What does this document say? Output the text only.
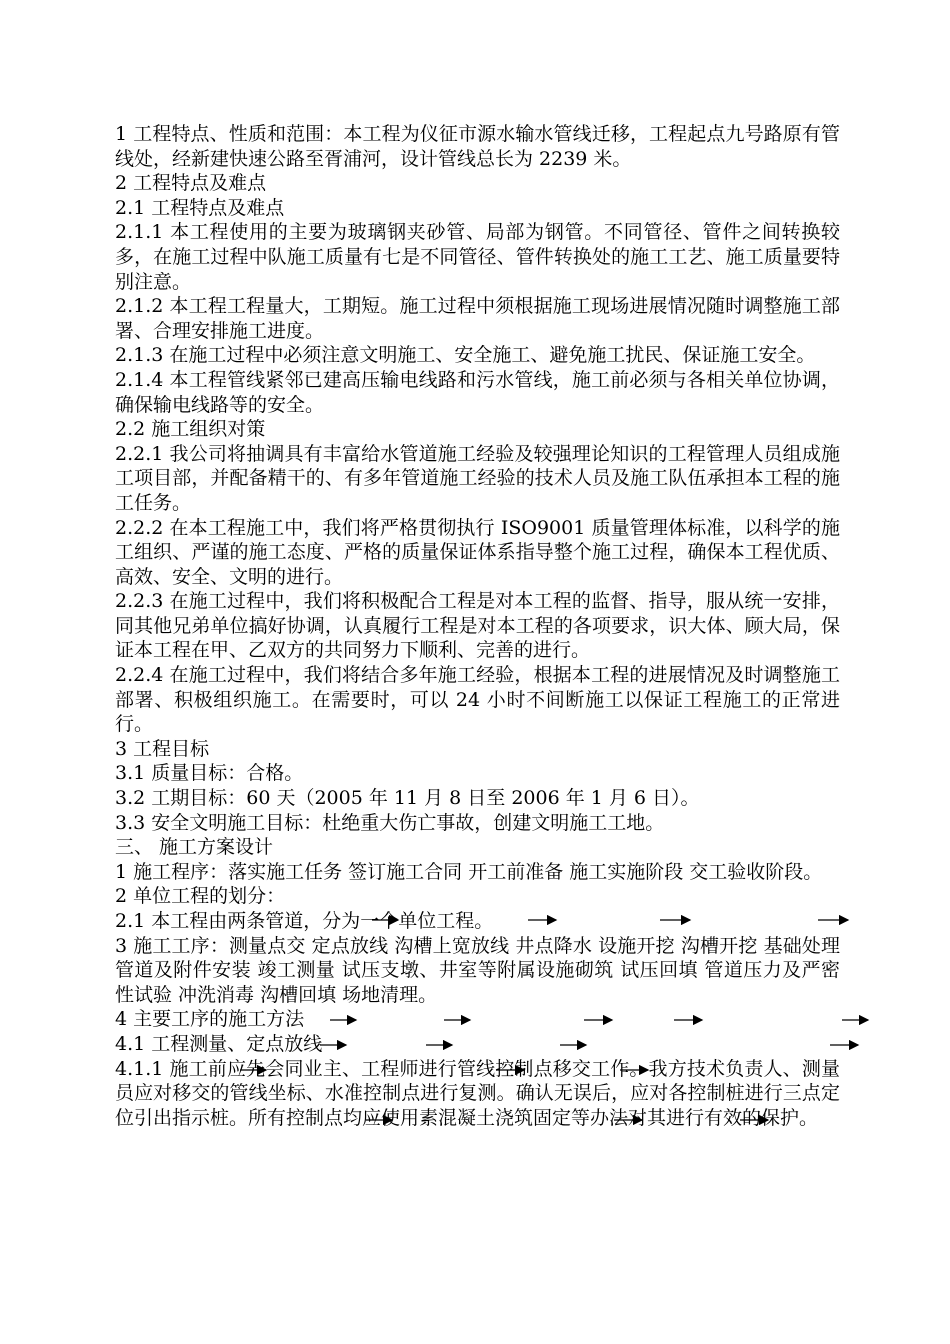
1 工程特点、性质和范围：本工程为仪征市源水输水管线迁移，工程起点九号路原有管线处，经新建快速公路至胥浦河，设计管线总长为 2239 米。

2 工程特点及难点

2.1 工程特点及难点

2.1.1 本工程使用的主要为玻璃钢夹砂管、局部为钢管。不同管径、管件之间转换较多，在施工过程中队施工质量有七是不同管径、管件转换处的施工工艺、施工质量要特别注意。

2.1.2 本工程工程量大，工期短。施工过程中须根据施工现场进展情况随时调整施工部署、合理安排施工进度。

2.1.3 在施工过程中必须注意文明施工、安全施工、避免施工扰民、保证施工安全。

2.1.4 本工程管线紧邻已建高压输电线路和污水管线，施工前必须与各相关单位协调，确保输电线路等的安全。

2.2 施工组织对策

2.2.1 我公司将抽调具有丰富给水管道施工经验及较强理论知识的工程管理人员组成施工项目部，并配备精干的、有多年管道施工经验的技术人员及施工队伍承担本工程的施工任务。

2.2.2 在本工程施工中，我们将严格贯彻执行 ISO9001 质量管理体标准，以科学的施工组织、严谨的施工态度、严格的质量保证体系指导整个施工过程，确保本工程优质、高效、安全、文明的进行。

2.2.3 在施工过程中，我们将积极配合工程是对本工程的监督、指导，服从统一安排，同其他兄弟单位搞好协调，认真履行工程是对本工程的各项要求，识大体、顾大局，保证本工程在甲、乙双方的共同努力下顺利、完善的进行。

2.2.4 在施工过程中，我们将结合多年施工经验，根据本工程的进展情况及时调整施工部署、积极组织施工。在需要时，可以 24 小时不间断施工以保证工程施工的正常进行。

3 工程目标

3.1 质量目标：合格。

3.2 工期目标：60 天（2005 年 11 月 8 日至 2006 年 1 月 6 日）。

3.3 安全文明施工目标：杜绝重大伤亡事故，创建文明施工工地。

三、 施工方案设计

1 施工程序：落实施工任务 签订施工合同 开工前准备 施工实施阶段 交工验收阶段。

2 单位工程的划分：

2.1 本工程由两条管道，分为一个单位工程。

3 施工工序：测量点交 定点放线 沟槽上宽放线 井点降水 设施开挖 沟槽开挖 基础处理 管道及附件安装 竣工测量 试压支墩、井室等附属设施砌筑 试压回填 管道压力及严密性试验 冲洗消毒 沟槽回填 场地清理。

4 主要工序的施工方法

4.1 工程测量、定点放线

4.1.1 施工前应先会同业主、工程师进行管线控制点移交工作。我方技术负责人、测量员应对移交的管线坐标、水准控制点进行复测。确认无误后，应对各控制桩进行三点定位引出指示桩。所有控制点均应使用素混凝土浇筑固定等办法对其进行有效的保护。
